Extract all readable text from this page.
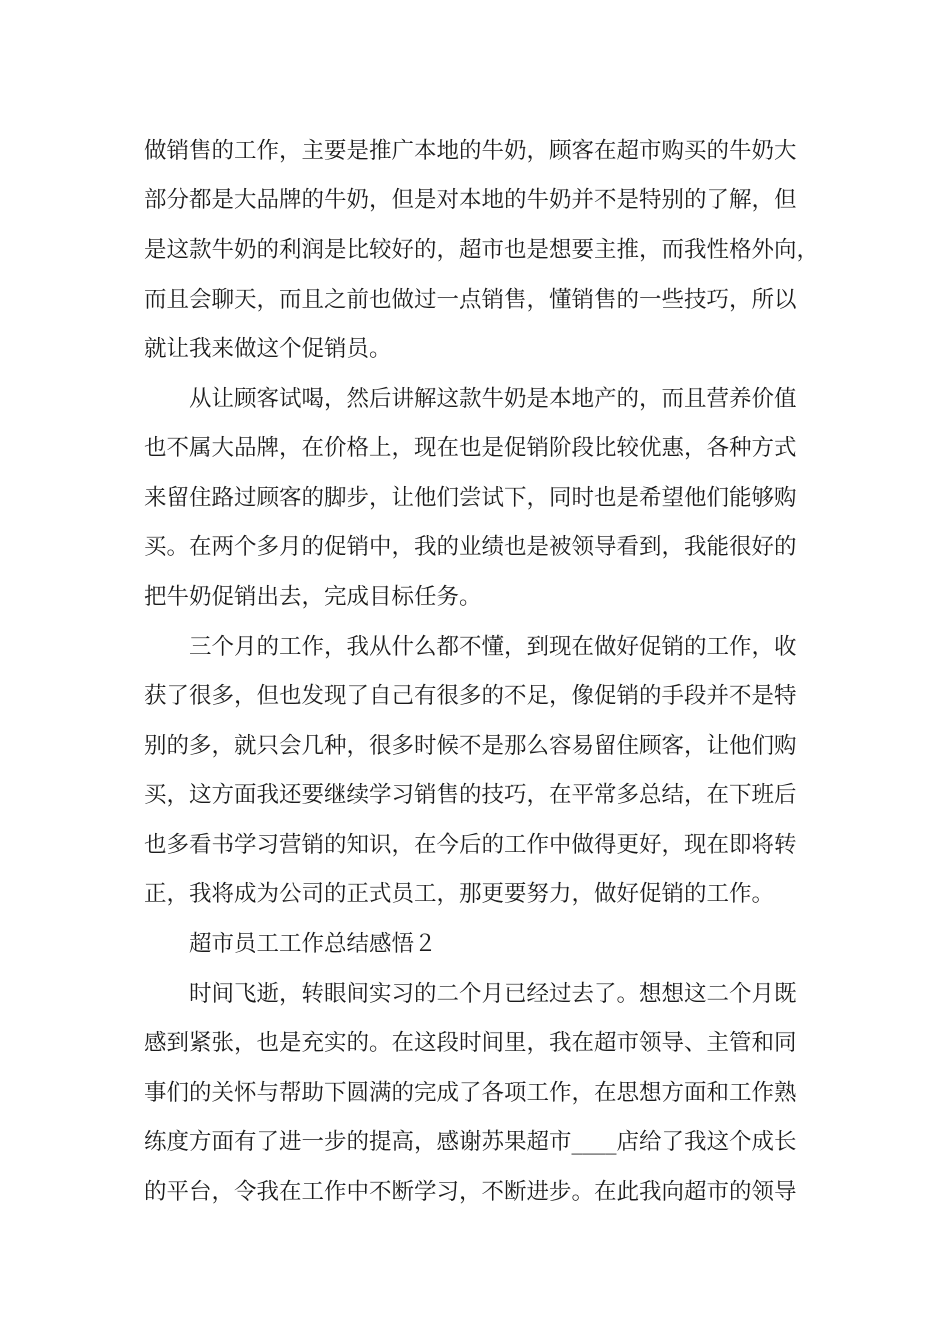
做销售的工作，主要是推广本地的牛奶，顾客在超市购买的牛奶大
部分都是大品牌的牛奶，但是对本地的牛奶并不是特别的了解，但
是这款牛奶的利润是比较好的，超市也是想要主推，而我性格外向，
而且会聊天，而且之前也做过一点销售，懂销售的一些技巧，所以
就让我来做这个促销员。
从让顾客试喝，然后讲解这款牛奶是本地产的，而且营养价值
也不属大品牌，在价格上，现在也是促销阶段比较优惠，各种方式
来留住路过顾客的脚步，让他们尝试下，同时也是希望他们能够购
买。在两个多月的促销中，我的业绩也是被领导看到，我能很好的
把牛奶促销出去，完成目标任务。
三个月的工作，我从什么都不懂，到现在做好促销的工作，收
获了很多，但也发现了自己有很多的不足，像促销的手段并不是特
别的多，就只会几种，很多时候不是那么容易留住顾客，让他们购
买，这方面我还要继续学习销售的技巧，在平常多总结，在下班后
也多看书学习营销的知识，在今后的工作中做得更好，现在即将转
正，我将成为公司的正式员工，那更要努力，做好促销的工作。
超市员工工作总结感悟２
时间飞逝，转眼间实习的二个月已经过去了。想想这二个月既
感到紧张，也是充实的。在这段时间里，我在超市领导、主管和同
事们的关怀与帮助下圆满的完成了各项工作，在思想方面和工作熟
练度方面有了进一步的提高，感谢苏果超市____店给了我这个成长
的平台，令我在工作中不断学习，不断进步。在此我向超市的领导
